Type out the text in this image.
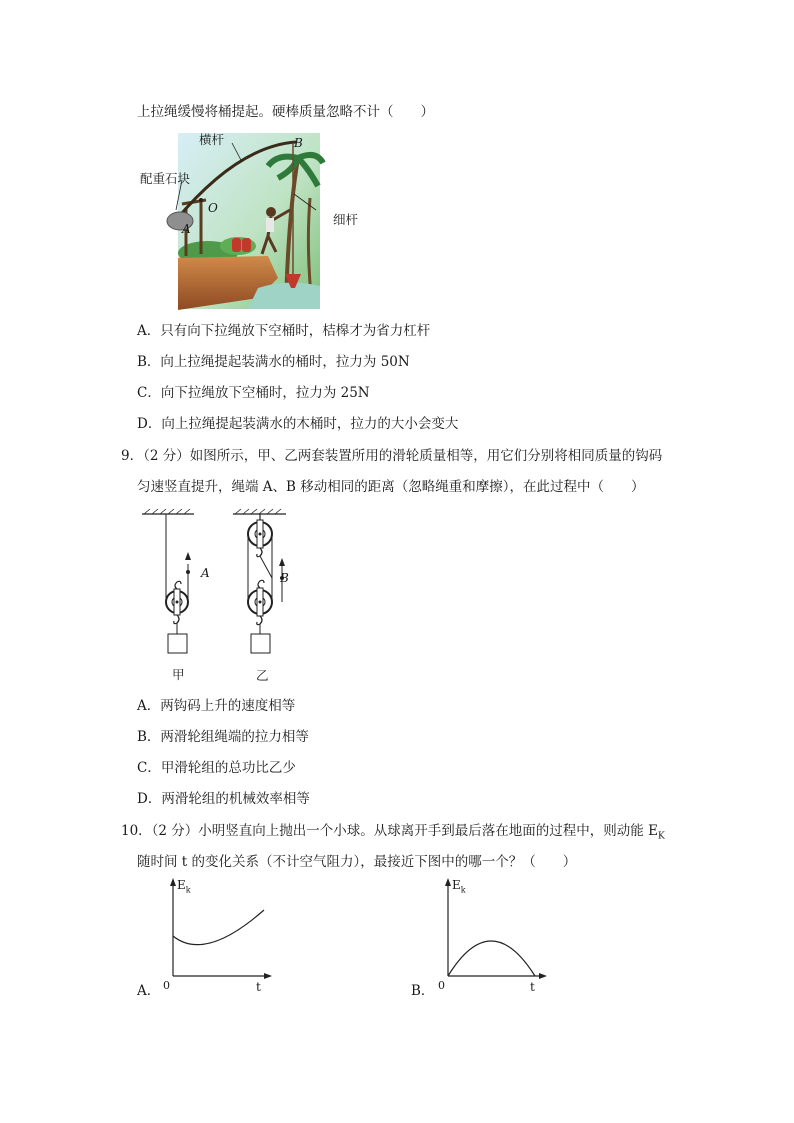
上拉绳缓慢将桶提起。硬棒质量忽略不计（　　）
横杆	B
配重石块
O
A
细杆
A．只有向下拉绳放下空桶时，桔槔才为省力杠杆
B．向上拉绳提起装满水的桶时，拉力为 50N
C．向下拉绳放下空桶时，拉力为 25N
D．向上拉绳提起装满水的木桶时，拉力的大小会变大
9．（2 分）如图所示，甲、乙两套装置所用的滑轮质量相等，用它们分别将相同质量的钩码
匀速竖直提升，绳端 A、B 移动相同的距离（忽略绳重和摩擦），在此过程中（　　）
A	B
甲	乙
A．两钩码上升的速度相等
B．两滑轮组绳端的拉力相等
C．甲滑轮组的总功比乙少
D．两滑轮组的机械效率相等
10．（2 分）小明竖直向上抛出一个小球。从球离开手到最后落在地面的过程中，则动能 $E_K$
随时间 t 的变化关系（不计空气阻力），最接近下图中的哪一个？（　　）
$E_k$
0	t
A．
$E_k$
0	t
B．
